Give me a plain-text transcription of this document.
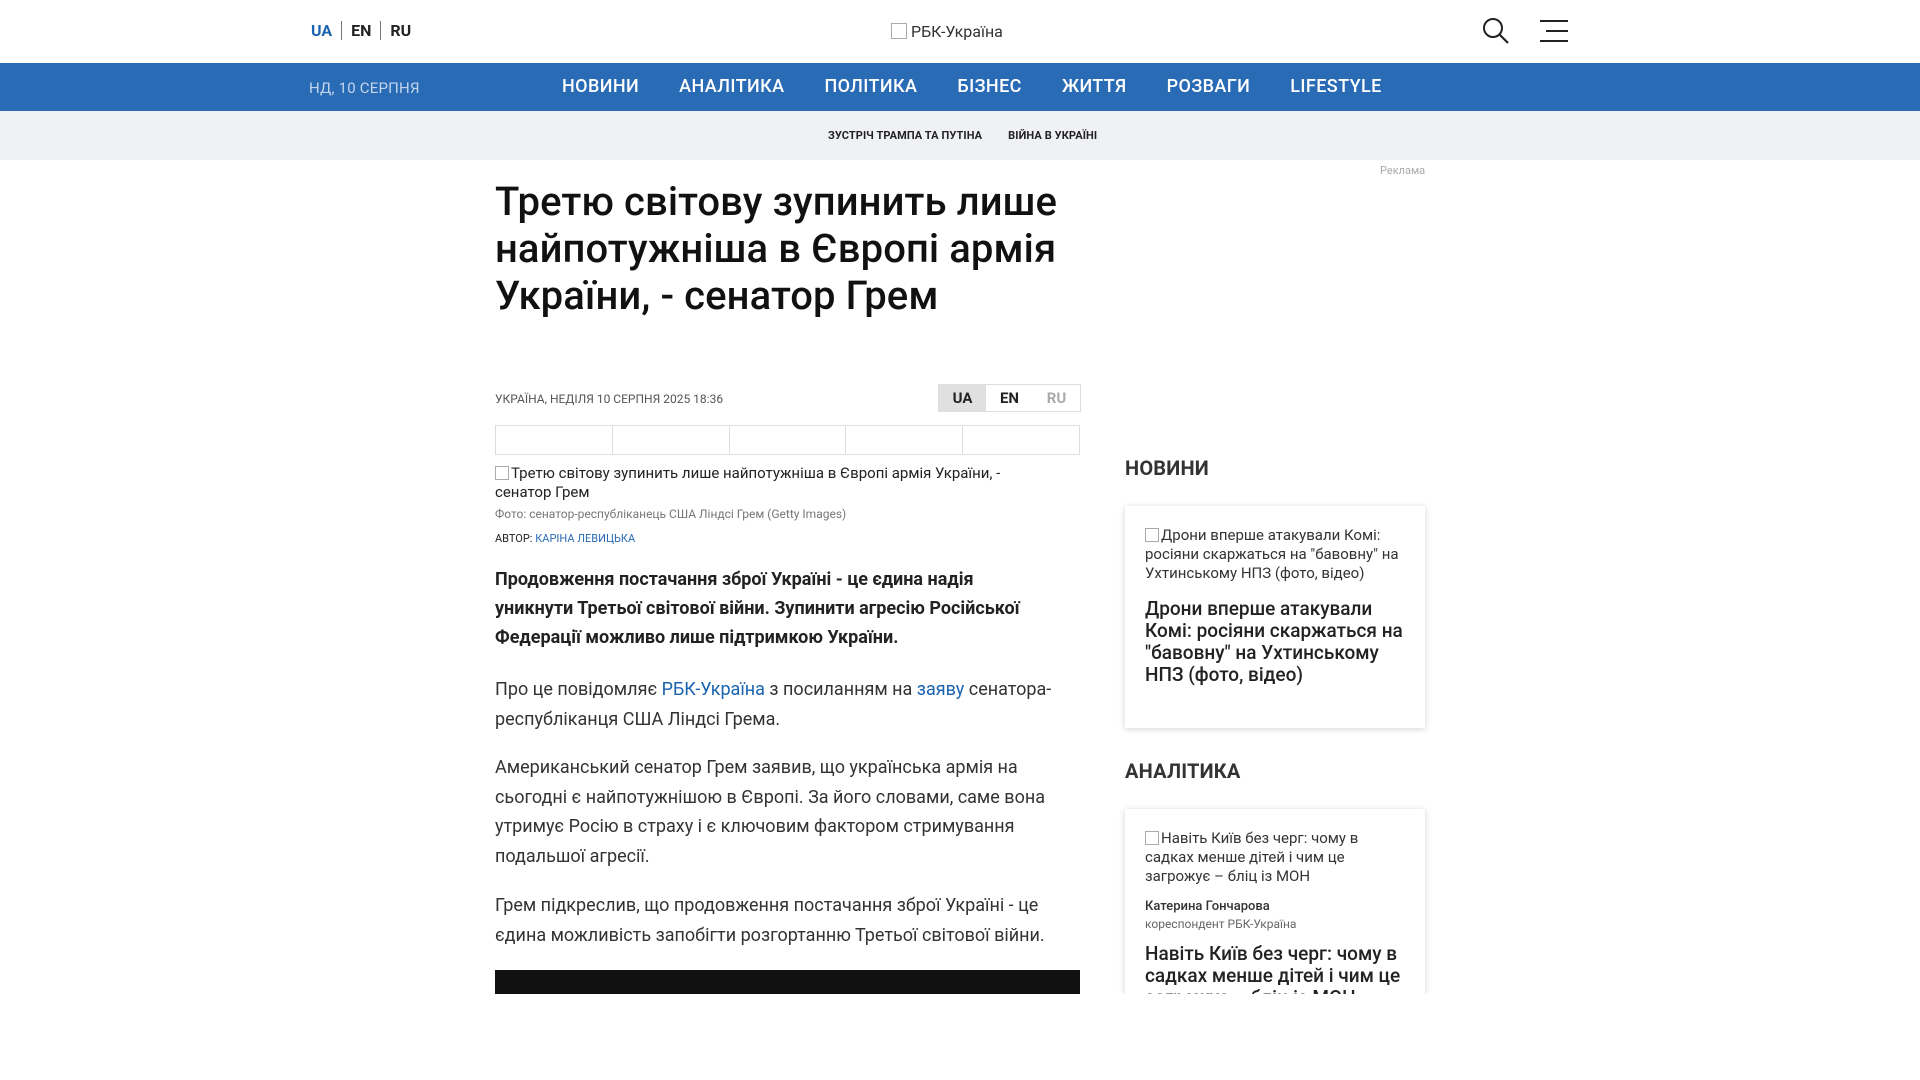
UA EN RU	РБК-Україна
НД, 10 СЕРПНЯ	НОВИНИ АНАЛІТИКА ПОЛІТИКА БІЗНЕС ЖИТТЯ РОЗВАГИ LIFESTYLE
ЗУСТРІЧ ТРАМПА ТА ПУТІНА ВІЙНА В УКРАЇНІ
Реклама
Третю світову зупинить лише найпотужніша в Європі армія України, - сенатор Грем
УКРАЇНА, НЕДІЛЯ 10 СЕРПНЯ 2025 18:36	UA	EN	RU
Третю світову зупинить лише найпотужніша в Європі армія України, - сенатор Грем
Фото: сенатор-республіканець США Ліндсі Грем (Getty Images)
АВТОР: КАРІНА ЛЕВИЦЬКА

Продовження постачання зброї Україні - це єдина надія уникнути Третьої світової війни. Зупинити агресію Російської Федерації можливо лише підтримкою України.

Про це повідомляє РБК-Україна з посиланням на заяву сенатора-республіканця США Ліндсі Грема.

Американський сенатор Грем заявив, що українська армія на сьогодні є найпотужнішою в Європі. За його словами, саме вона утримує Росію в страху і є ключовим фактором стримування подальшої агресії.

Грем підкреслив, що продовження постачання зброї Україні - це єдина можливість запобігти розгортанню Третьої світової війни.

НОВИНИ
Дрони вперше атакували Комі: росіяни скаржаться на "бавовну" на Ухтинському НПЗ (фото, відео)
Дрони вперше атакували Комі: росіяни скаржаться на "бавовну" на Ухтинському НПЗ (фото, відео)
АНАЛІТИКА
Навіть Київ без черг: чому в садках менше дітей і чим це загрожує – бліц із МОН
Катерина Гончарова
кореспондент РБК-Україна
Навіть Київ без черг: чому в садках менше дітей і чим це
